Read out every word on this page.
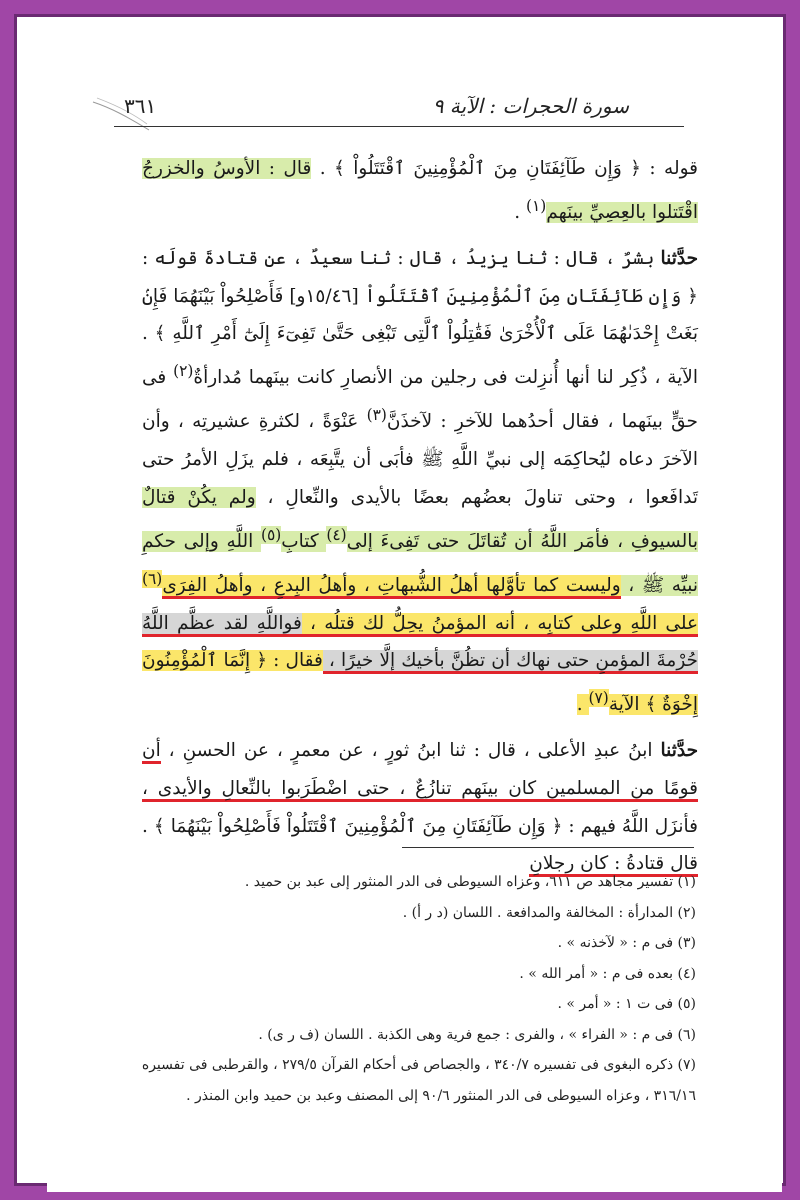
٣٦١	سورة الحجرات : الآية ٩

قوله : ﴿ وَإِن طَآئِفَتَانِ مِنَ ٱلْمُؤْمِنِينَ ٱقْتَتَلُواْ ﴾ . قال : الأوسُ والخزرجُ اقْتَتلوا بالعِصِيِّ بينَهم$^{(١)}$ .

حدَّثنا بشرٌ ، قال : ثنا يزيدُ ، قال : ثنا سعيدٌ ، عن قتادةَ قولَه : ﴿ وَإِن طَآئِفَتَانِ مِنَ ٱلْمُؤْمِنِينَ ٱقْتَتَلُواْ [١٥/٤٦و] فَأَصْلِحُواْ بَيْنَهُمَا فَإِنۢ بَغَتْ إِحْدَىٰهُمَا عَلَى ٱلْأُخْرَىٰ فَقَٰتِلُواْ ٱلَّتِى تَبْغِى حَتَّىٰ تَفِىٓءَ إِلَىٰٓ أَمْرِ ٱللَّهِ ﴾ . الآية ، ذُكِر لنا أنها أُنزِلت فى رجلين من الأنصارِ كانت بينَهما مُدارأةٌ$^{(٢)}$ فى حقٍّ بينَهما ، فقال أحدُهما للآخرِ : لآخذَنَّ$^{(٣)}$ عَنْوَةً ، لكثرةِ عشيرتِه ، وأن الآخرَ دعاه ليُحاكِمَه إلى نبيِّ اللَّهِ ﷺ فأبَى أن يتَّبِعَه ، فلم يزَلِ الأمرُ حتى تَدافَعوا ، وحتى تناولَ بعضُهم بعضًا بالأيدى والنِّعالِ ، ولم يكُنْ قتالٌ بالسيوفِ ، فأمَر اللَّهُ أن تُقاتَلَ حتى تَفِىءَ إلى$^{(٤)}$ كتابِ$^{(٥)}$ اللَّهِ وإلى حكمِ نبيِّه ﷺ ، وليست كما تأوَّلها أهلُ الشُّبهاتِ ، وأهلُ البِدعِ ، وأهلُ الفِرَى$^{(٦)}$ على اللَّهِ وعلى كتابِه ، أنه المؤمنُ يحِلُّ لك قتلُه ، فواللَّهِ لقد عظَّم اللَّهُ حُرْمةَ المؤمنِ حتى نهاك أن تظُنَّ بأخيك إلَّا خيرًا ، فقال : ﴿ إِنَّمَا ٱلْمُؤْمِنُونَ إِخْوَةٌ ﴾ الآية$^{(٧)}$ .

حدَّثنا ابنُ عبدِ الأعلى ، قال : ثنا ابنُ ثورٍ ، عن معمرٍ ، عن الحسنِ ، أن قومًا من المسلمين كان بينَهم تنازُعٌ ، حتى اضْطَرَبوا بالنِّعالِ والأيدى ، فأنزَل اللَّهُ فيهم : ﴿ وَإِن طَآئِفَتَانِ مِنَ ٱلْمُؤْمِنِينَ ٱقْتَتَلُواْ فَأَصْلِحُواْ بَيْنَهُمَا ﴾ . قال قتادةُ : كان رجلانِ

(١) تفسير مجاهد ص ٦١١، وعزاه السيوطى فى الدر المنثور إلى عبد بن حميد .

(٢) المدارأة : المخالفة والمدافعة . اللسان (د ر أ) .

(٣) فى م : « لآخذنه » .

(٤) بعده فى م : « أمر الله » .

(٥) فى ت ١ : « أمر » .

(٦) فى م : « الفراء » ، والفرى : جمع فرية وهى الكذبة . اللسان (ف ر ى) .

(٧) ذكره البغوى فى تفسيره ٣٤٠/٧ ، والجصاص فى أحكام القرآن ٢٧٩/٥ ، والقرطبى فى تفسيره ٣١٦/١٦ ، وعزاه السيوطى فى الدر المنثور ٩٠/٦ إلى المصنف وعبد بن حميد وابن المنذر .
